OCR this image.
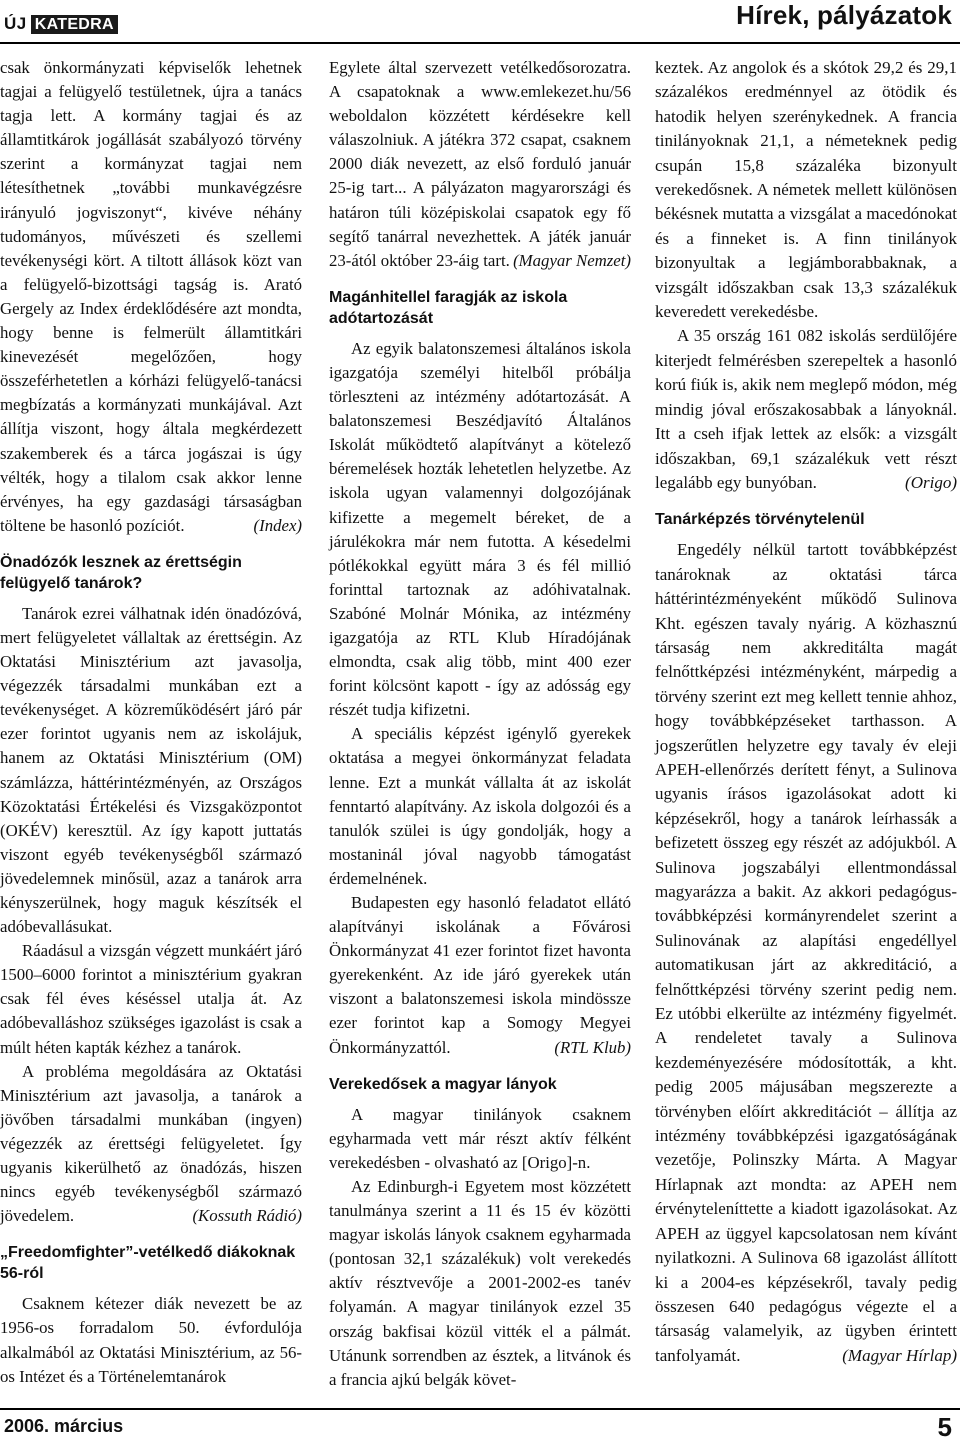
ÚJ KATEDRA	Hírek, pályázatok

csak önkormányzati képviselők lehetnek tagjai a felügyelő testületnek, újra a tanács tagja lett. A kormány tagjai és az államtitkárok jogállását szabályozó törvény szerint a kormányzat tagjai nem létesíthetnek „további munkavégzésre irányuló jogviszonyt“, kivéve néhány tudományos, művészeti és szellemi tevékenységi kört. A tiltott állások közt van a felügyelő-bizottsági tagság is. Arató Gergely az Index érdeklődésére azt mondta, hogy benne is felmerült államtitkári kinevezését megelőzően, hogy összeférhetetlen a kórházi felügyelő-tanácsi megbízatás a kormányzati munkájával. Azt állítja viszont, hogy általa megkérdezett szakemberek és a tárca jogászai is úgy vélték, hogy a tilalom csak akkor lenne érvényes, ha egy gazdasági társaságban töltene be hasonló pozíciót.	(Index)

Önadózók lesznek az érettségin felügyelő tanárok?

Tanárok ezrei válhatnak idén önadózóvá, mert felügyeletet vállaltak az érettségin. Az Oktatási Minisztérium azt javasolja, végezzék társadalmi munkában ezt a tevékenységet. A közreműködésért járó pár ezer forintot ugyanis nem az iskolájuk, hanem az Oktatási Minisztérium (OM) számlázza, háttérintézményén, az Országos Közoktatási Értékelési és Vizsgaközpontot (OKÉV) keresztül. Az így kapott juttatás viszont egyéb tevékenységből származó jövedelemnek minősül, azaz a tanárok arra kényszerülnek, hogy maguk készítsék el adóbevallásukat.

Ráadásul a vizsgán végzett munkáért járó 1500–6000 forintot a minisztérium gyakran csak fél éves késéssel utalja át. Az adóbevalláshoz szükséges igazolást is csak a múlt héten kapták kézhez a tanárok.

A probléma megoldására az Oktatási Minisztérium azt javasolja, a tanárok a jövőben társadalmi munkában (ingyen) végezzék az érettségi felügyeletet. Így ugyanis kikerülhető az önadózás, hiszen nincs egyéb tevékenységből származó jövedelem.	(Kossuth Rádió)

„Freedomfighter”-vetélkedő diákoknak 56-ról

Csaknem kétezer diák nevezett be az 1956-os forradalom 50. évfordulója alkalmából az Oktatási Minisztérium, az 56-os Intézet és a Történelemtanárok

Egylete által szervezett vetélkedősorozatra. A csapatoknak a www.emlekezet.hu/56 weboldalon közzétett kérdésekre kell válaszolniuk. A játékra 372 csapat, csaknem 2000 diák nevezett, az első forduló január 25-ig tart... A pályázaton magyarországi és határon túli középiskolai csapatok egy fő segítő tanárral nevezhettek. A játék január 23-ától október 23-áig tart. (Magyar Nemzet)

Magánhitellel faragják az iskola adótartozását

Az egyik balatonszemesi általános iskola igazgatója személyi hitelből próbálja törleszteni az intézmény adótartozását. A balatonszemesi Beszédjavító Általános Iskolát működtető alapítványt a kötelező béremelések hozták lehetetlen helyzetbe. Az iskola ugyan valamennyi dolgozójának kifizette a megemelt béreket, de a járulékokra már nem futotta. A késedelmi pótlékokkal együtt mára 3 és fél millió forinttal tartoznak az adóhivatalnak. Szabóné Molnár Mónika, az intézmény igazgatója az RTL Klub Híradójának elmondta, csak alig több, mint 400 ezer forint kölcsönt kapott - így az adósság egy részét tudja kifizetni.

A speciális képzést igénylő gyerekek oktatása a megyei önkormányzat feladata lenne. Ezt a munkát vállalta át az iskolát fenntartó alapítvány. Az iskola dolgozói és a tanulók szülei is úgy gondolják, hogy a mostaninál jóval nagyobb támogatást érdemelnének.

Budapesten egy hasonló feladatot ellátó alapítványi iskolának a Fővárosi Önkormányzat 41 ezer forintot fizet havonta gyerekenként. Az ide járó gyerekek után viszont a balatonszemesi iskola mindössze ezer forintot kap a Somogy Megyei Önkormányzattól.	(RTL Klub)

Verekedősek a magyar lányok

A magyar tinilányok csaknem egyharmada vett már részt aktív félként verekedésben - olvasható az [Origo]-n.

Az Edinburgh-i Egyetem most közzétett tanulmánya szerint a 11 és 15 év közötti magyar iskolás lányok csaknem egyharmada (pontosan 32,1 százalékuk) volt verekedés aktív résztvevője a 2001-2002-es tanév folyamán. A magyar tinilányok ezzel 35 ország bakfisai közül vitték el a pálmát. Utánunk sorrendben az észtek, a litvánok és a francia ajkú belgák követ-

keztek. Az angolok és a skótok 29,2 és 29,1 százalékos eredménnyel az ötödik és hatodik helyen szerénykednek. A francia tinilányoknak 21,1, a németeknek pedig csupán 15,8 százaléka bizonyult verekedősnek. A németek mellett különösen békésnek mutatta a vizsgálat a macedónokat és a finneket is. A finn tinilányok bizonyultak a legjámborabbaknak, a vizsgált időszakban csak 13,3 százalékuk keveredett verekedésbe.

A 35 ország 161 082 iskolás serdülőjére kiterjedt felmérésben szerepeltek a hasonló korú fiúk is, akik nem meglepő módon, még mindig jóval erőszakosabbak a lányoknál. Itt a cseh ifjak lettek az elsők: a vizsgált időszakban, 69,1 százalékuk vett részt legalább egy bunyóban.	(Origo)

Tanárképzés törvénytelenül

Engedély nélkül tartott továbbképzést tanároknak az oktatási tárca háttérintézményeként működő Sulinova Kht. egészen tavaly nyárig. A közhasznú társaság nem akkreditálta magát felnőttképzési intézményként, márpedig a törvény szerint ezt meg kellett tennie ahhoz, hogy továbbképzéseket tarthasson. A jogszerűtlen helyzetre egy tavaly év eleji APEH-ellenőrzés derített fényt, a Sulinova ugyanis írásos igazolásokat adott ki képzésekről, hogy a tanárok leírhassák a befizetett összeg egy részét az adójukból. A Sulinova jogszabályi ellentmondással magyarázza a bakit. Az akkori pedagógus-továbbképzési kormányrendelet szerint a Sulinovának az alapítási engedéllyel automatikusan járt az akkreditáció, a felnőttképzési törvény szerint pedig nem. Ez utóbbi elkerülte az intézmény figyelmét. A rendeletet tavaly a Sulinova kezdeményezésére módosították, a kht. pedig 2005 májusában megszerezte a törvényben előírt akkreditációt – állítja az intézmény továbbképzési igazgatóságának vezetője, Polinszky Márta. A Magyar Hírlapnak azt mondta: az APEH nem érvényteleníttette a kiadott igazolásokat. Az APEH az üggyel kapcsolatosan nem kívánt nyilatkozni. A Sulinova 68 igazolást állított ki a 2004-es képzésekről, tavaly pedig összesen 640 pedagógus végezte el a társaság valamelyik, az ügyben érintett tanfolyamát.	(Magyar Hírlap)

2006. március	5
